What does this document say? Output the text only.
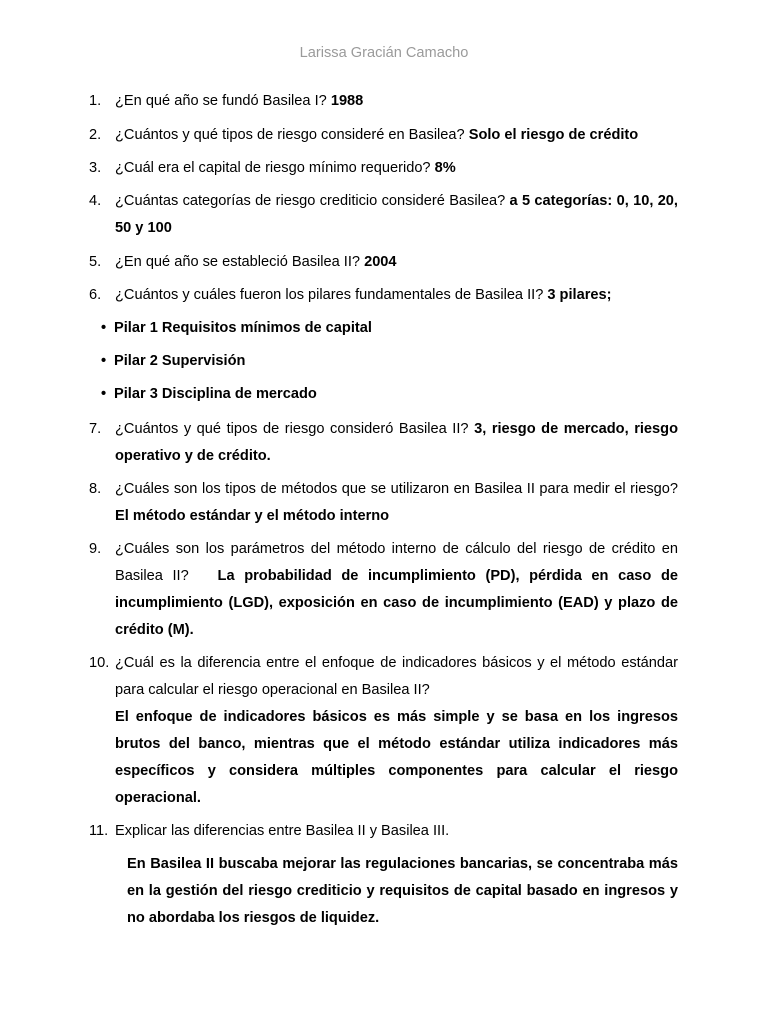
Larissa Gracián Camacho
1. ¿En qué año se fundó Basilea I? 1988
2. ¿Cuántos y qué tipos de riesgo consideré en Basilea? Solo el riesgo de crédito
3. ¿Cuál era el capital de riesgo mínimo requerido? 8%
4. ¿Cuántas categorías de riesgo crediticio consideré Basilea? a 5 categorías: 0, 10, 20, 50 y 100
5. ¿En qué año se estableció Basilea II? 2004
6. ¿Cuántos y cuáles fueron los pilares fundamentales de Basilea II? 3 pilares;
• Pilar 1 Requisitos mínimos de capital
• Pilar 2 Supervisión
• Pilar 3 Disciplina de mercado
7. ¿Cuántos y qué tipos de riesgo consideró Basilea II? 3, riesgo de mercado, riesgo operativo y de crédito.
8. ¿Cuáles son los tipos de métodos que se utilizaron en Basilea II para medir el riesgo? El método estándar y el método interno
9. ¿Cuáles son los parámetros del método interno de cálculo del riesgo de crédito en Basilea II? La probabilidad de incumplimiento (PD), pérdida en caso de incumplimiento (LGD), exposición en caso de incumplimiento (EAD) y plazo de crédito (M).
10. ¿Cuál es la diferencia entre el enfoque de indicadores básicos y el método estándar para calcular el riesgo operacional en Basilea II?
El enfoque de indicadores básicos es más simple y se basa en los ingresos brutos del banco, mientras que el método estándar utiliza indicadores más específicos y considera múltiples componentes para calcular el riesgo operacional.
11. Explicar las diferencias entre Basilea II y Basilea III.
En Basilea II buscaba mejorar las regulaciones bancarias, se concentraba más en la gestión del riesgo crediticio y requisitos de capital basado en ingresos y no abordaba los riesgos de liquidez.
